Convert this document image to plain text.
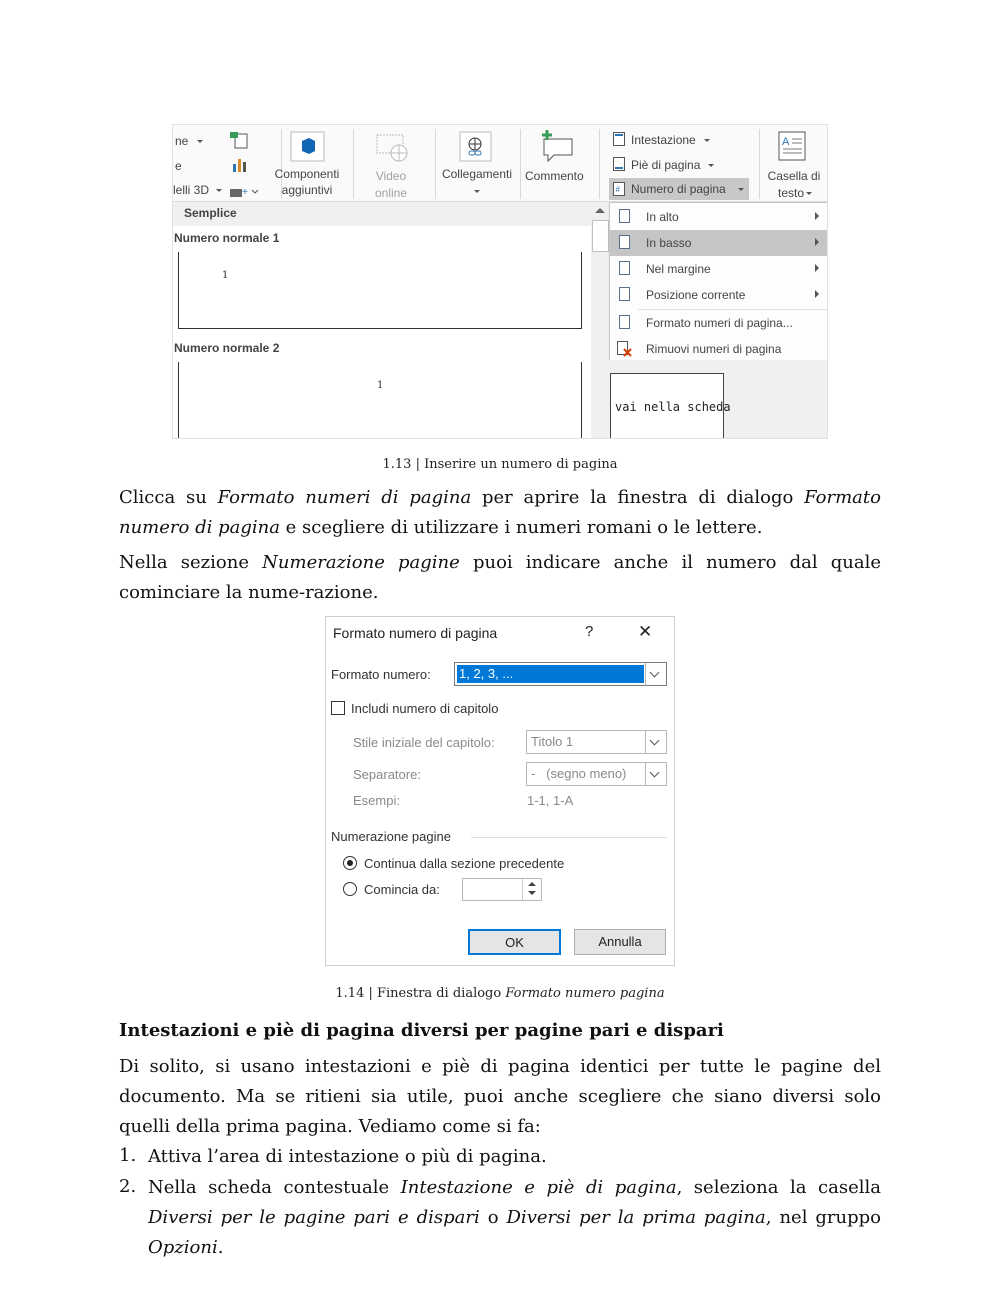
ne
e
lelli 3D	+
Componenti
aggiuntivi
Video
online
Collegamenti	Commento
Intestazione
Piè di pagina
# Numero di pagina
A
Casella di
testo
Semplice
Numero normale 1
1
Numero normale 2
1
In alto
In basso
Nel margine
Posizione corrente
Formato numeri di pagina...
Rimuovi numeri di pagina
vai nella scheda
1.13 | Inserire un numero di pagina
Clicca su Formato numeri di pagina per aprire la finestra di dialogo Formato numero di pagina e scegliere di utilizzare i numeri romani o le lettere.
Nella sezione Numerazione pagine puoi indicare anche il numero dal quale cominciare la nume-razione.
Formato numero di pagina	?	✕
Formato numero: 1, 2, 3, ...
Includi numero di capitolo
Stile iniziale del capitolo:	Titolo 1
Separatore:	-   (segno meno)
Esempi:	1-1, 1-A
Numerazione pagine
Continua dalla sezione precedente
Comincia da:
OK	Annulla
1.14 | Finestra di dialogo Formato numero pagina
Intestazioni e piè di pagina diversi per pagine pari e dispari
Di solito, si usano intestazioni e piè di pagina identici per tutte le pagine del documento. Ma se ritieni sia utile, puoi anche scegliere che siano diversi solo quelli della prima pagina. Vediamo come si fa:
1. Attiva l’area di intestazione o più di pagina.
2. Nella scheda contestuale Intestazione e piè di pagina, seleziona la casella Diversi per le pagine pari e dispari o Diversi per la prima pagina, nel gruppo Opzioni.
